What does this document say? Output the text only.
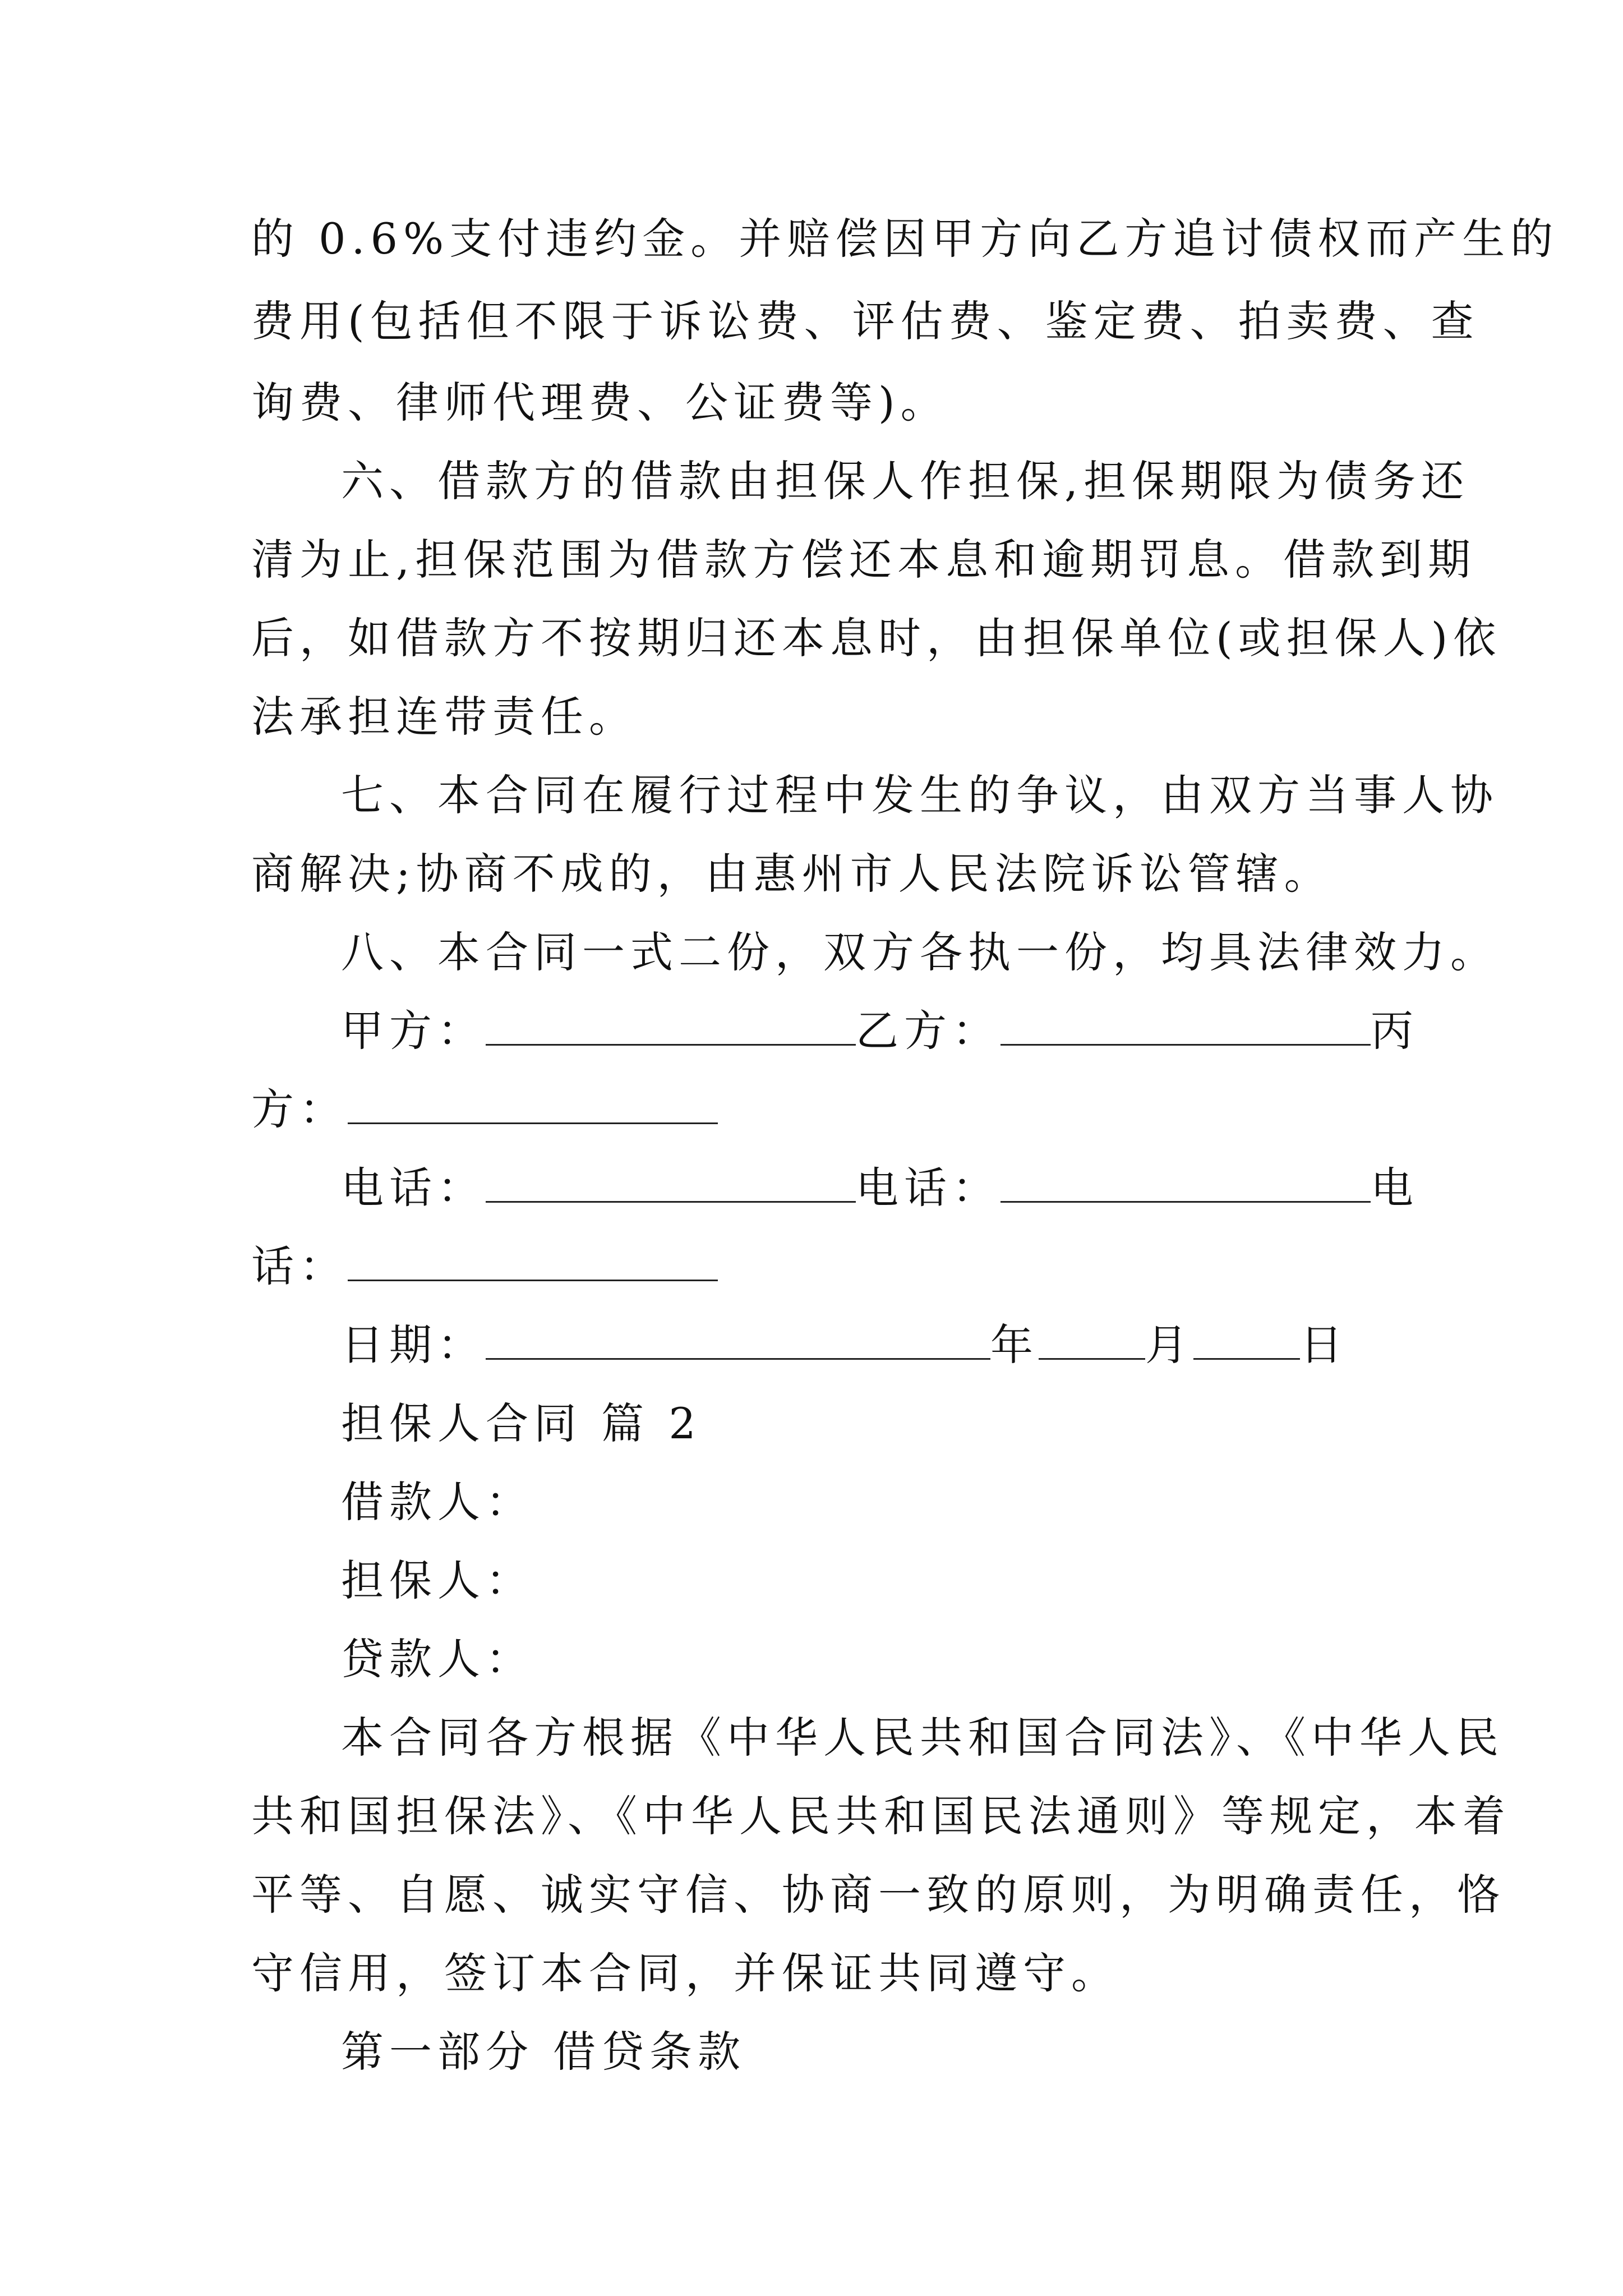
的 0.6%支付违约金。并赔偿因甲方向乙方追讨债权而产生的
费用(包括但不限于诉讼费、评估费、鉴定费、拍卖费、查
询费、律师代理费、公证费等)。
六、借款方的借款由担保人作担保,担保期限为债务还
清为止,担保范围为借款方偿还本息和逾期罚息。借款到期
后，如借款方不按期归还本息时，由担保单位(或担保人)依
法承担连带责任。
七、本合同在履行过程中发生的争议，由双方当事人协
商解决;协商不成的，由惠州市人民法院诉讼管辖。
八、本合同一式二份，双方各执一份，均具法律效力。
甲方：	乙方：	丙
方：
电话：	电话：	电
话：
日期：	年	月	日
担保人合同 篇 2
借款人：
担保人：
贷款人：
本合同各方根据《中华人民共和国合同法》、《中华人民
共和国担保法》、《中华人民共和国民法通则》等规定，本着
平等、自愿、诚实守信、协商一致的原则，为明确责任，恪
守信用，签订本合同，并保证共同遵守。
第一部分 借贷条款
